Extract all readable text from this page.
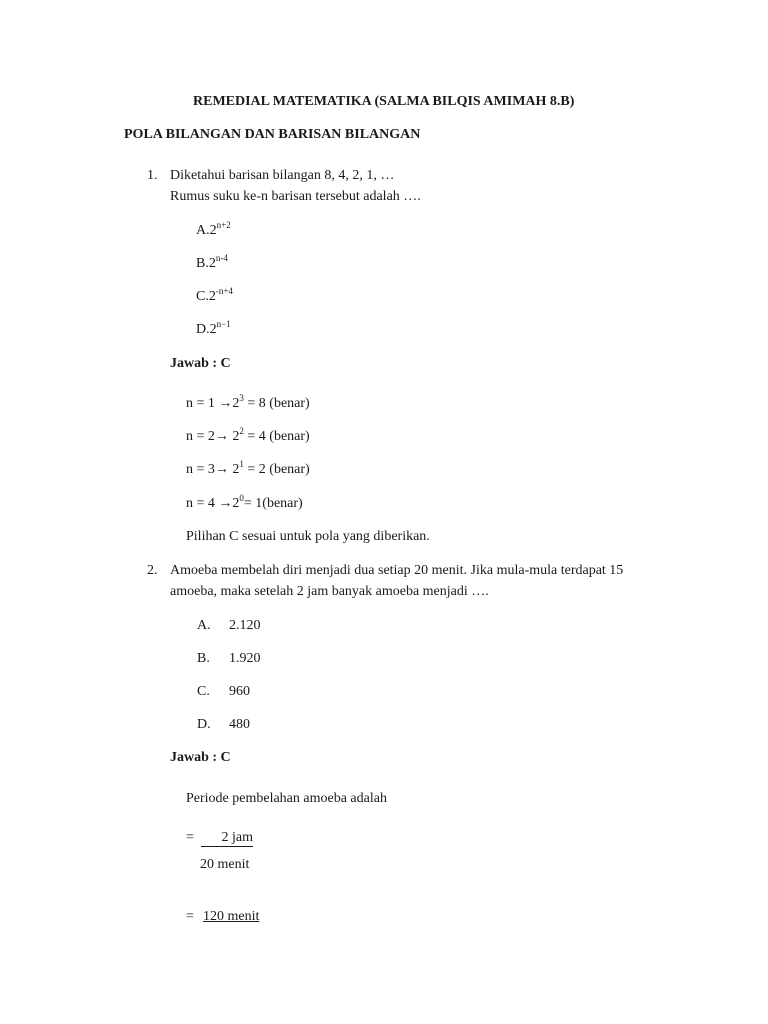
REMEDIAL MATEMATIKA (SALMA BILQIS AMIMAH 8.B)
POLA BILANGAN DAN BARISAN BILANGAN
1. Diketahui barisan bilangan 8, 4, 2, 1, …
Rumus suku ke-n barisan tersebut adalah ….
$A.2^{n+2}$
B.2$^{n-4}$
$C.2^{-n+4}$
$D.2^{n-1}$
Jawab : C
$n = 1 \to 2^3 = 8$ (benar)
$n = 2\to 2^2 = 4$ (benar)
$n = 3\to 2^1 = 2$ (benar)
$n = 4 \to 2^0=$ 1(benar)
Pilihan C sesuai untuk pola yang diberikan.
2. Amoeba membelah diri menjadi dua setiap 20 menit. Jika mula-mula terdapat 15
amoeba, maka setelah 2 jam banyak amoeba menjadi ….
A. 2.120
B. 1.920
C. 960
D. 480
Jawab : C
Periode pembelahan amoeba adalah
=	2 jam
20 menit
= 120 menit
